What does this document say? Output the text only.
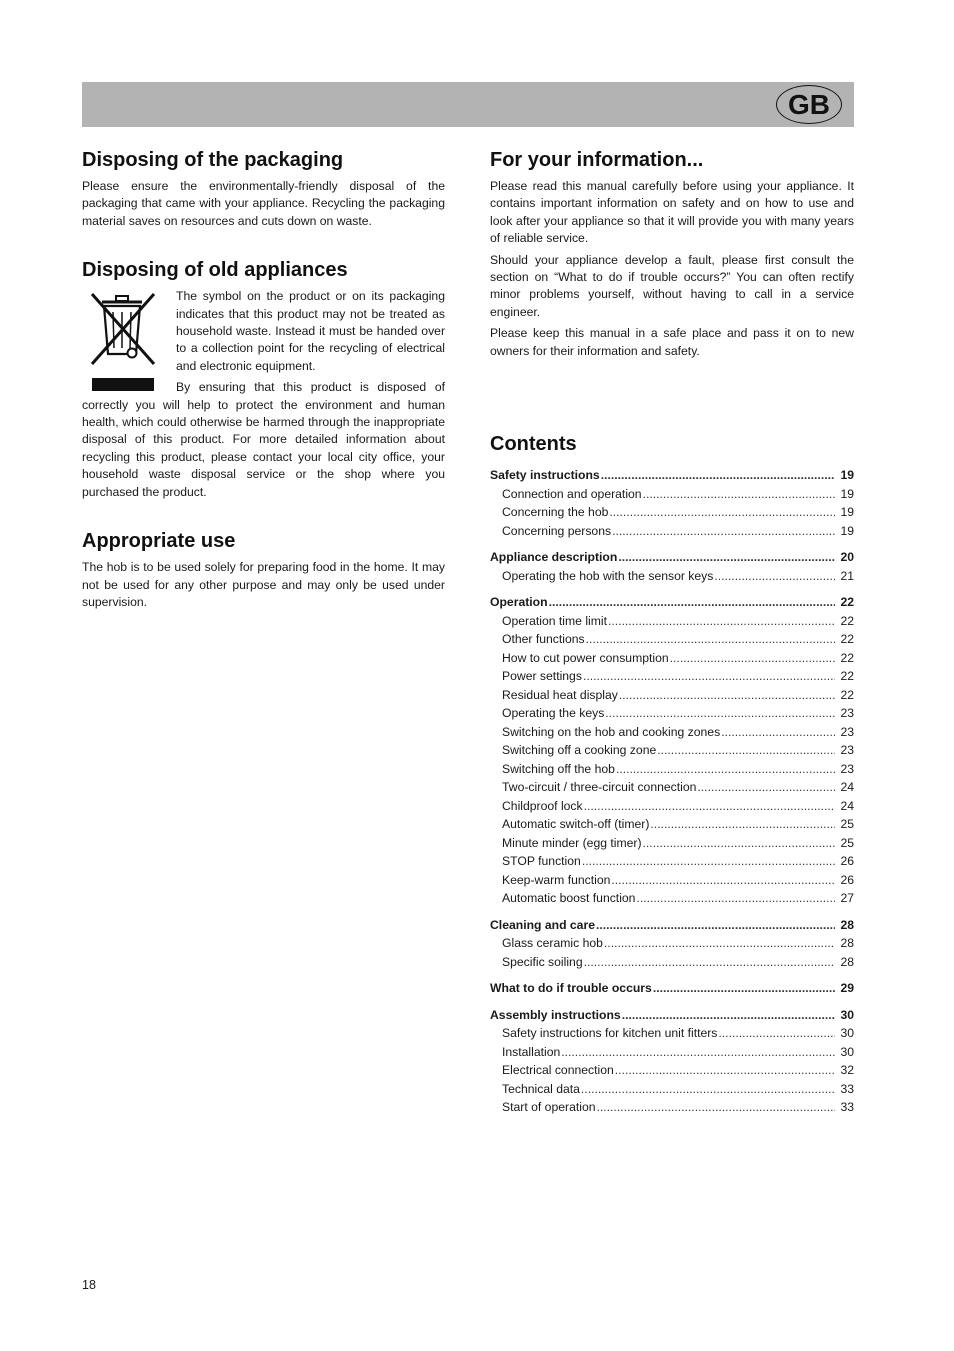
GB
Disposing of the packaging

Please ensure the environmentally-friendly disposal of the packaging that came with your appliance. Recycling the packaging material saves on resources and cuts down on waste.

Disposing of old appliances

The symbol on the product or on its packaging indicates that this product may not be treated as household waste. Instead it must be handed over to a collection point for the recycling of electrical and electronic equipment.

By ensuring that this product is disposed of correctly you will help to protect the environment and human health, which could otherwise be harmed through the inappropriate disposal of this product. For more detailed information about recycling this product, please contact your local city office, your household waste disposal service or the shop where you purchased the product.

Appropriate use

The hob is to be used solely for preparing food in the home. It may not be used for any other purpose and may only be used under supervision.

For your information...

Please read this manual carefully before using your appliance. It contains important information on safety and on how to use and look after your appliance so that it will provide you with many years of reliable service.

Should your appliance develop a fault, please first consult the section on “What to do if trouble occurs?” You can often rectify minor problems yourself, without having to call in a service engineer.

Please keep this manual in a safe place and pass it on to new owners for their information and safety.

Contents
Safety instructions .....	19
Connection and operation .....	19
Concerning the hob .....	19
Concerning persons .....	19
Appliance description .....	20
Operating the hob with the sensor keys .....	21
Operation .....	22
Operation time limit .....	22
Other functions .....	22
How to cut power consumption .....	22
Power settings .....	22
Residual heat display .....	22
Operating the keys .....	23
Switching on the hob and cooking zones .....	23
Switching off a cooking zone .....	23
Switching off the hob .....	23
Two-circuit / three-circuit connection .....	24
Childproof lock .....	24
Automatic switch-off (timer) .....	25
Minute minder (egg timer) .....	25
STOP function .....	26
Keep-warm function .....	26
Automatic boost function .....	27
Cleaning and care .....	28
Glass ceramic hob .....	28
Specific soiling .....	28
What to do if trouble occurs .....	29
Assembly instructions .....	30
Safety instructions for kitchen unit fitters .....	30
Installation .....	30
Electrical connection .....	32
Technical data .....	33
Start of operation .....	33
18
